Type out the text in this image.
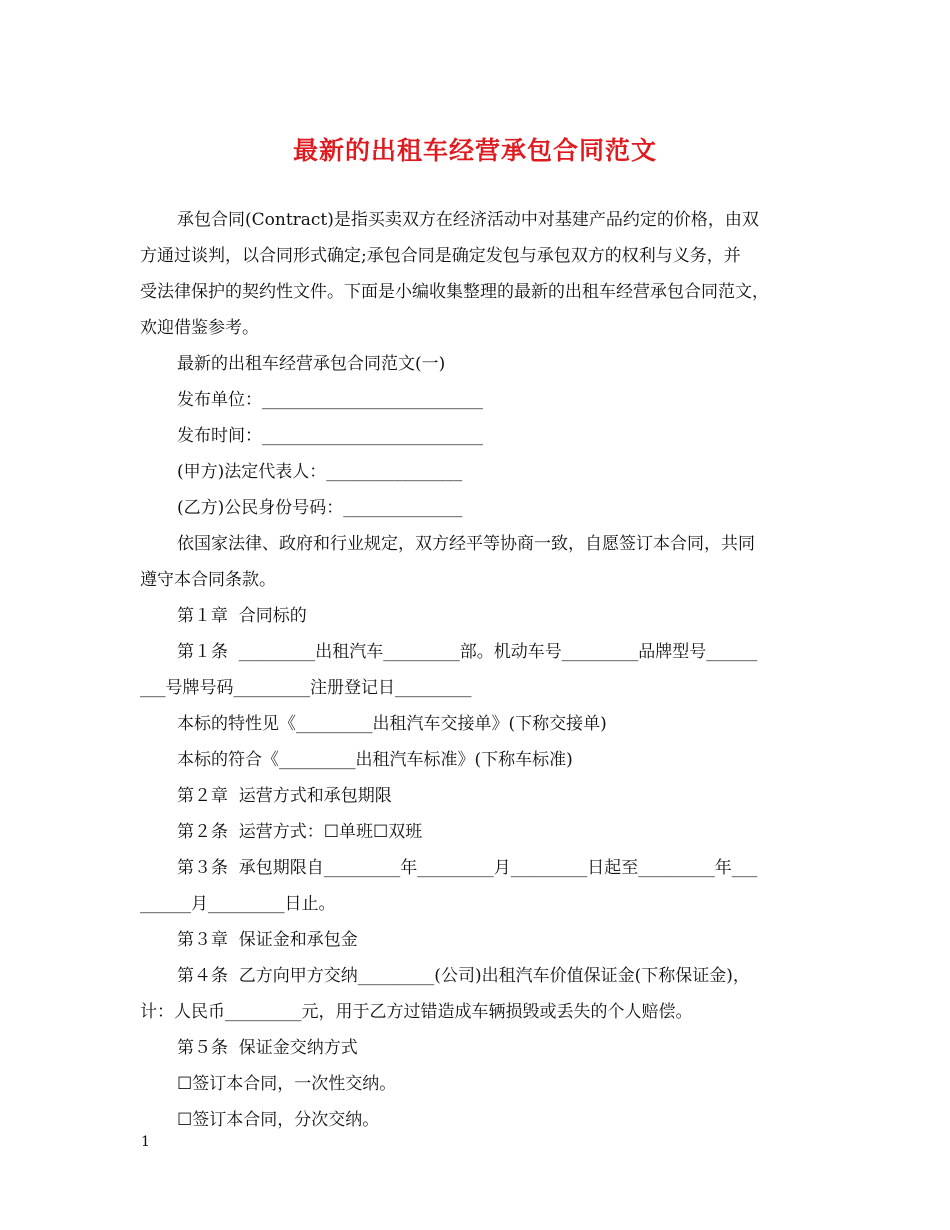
最新的出租车经营承包合同范文
承包合同(Contract)是指买卖双方在经济活动中对基建产品约定的价格，由双
方通过谈判，以合同形式确定;承包合同是确定发包与承包双方的权利与义务，并
受法律保护的契约性文件。下面是小编收集整理的最新的出租车经营承包合同范文，
欢迎借鉴参考。
最新的出租车经营承包合同范文(一)
发布单位：__________________________
发布时间：__________________________
(甲方)法定代表人：________________
(乙方)公民身份号码：______________
依国家法律、政府和行业规定，双方经平等协商一致，自愿签订本合同，共同
遵守本合同条款。
第１章  合同标的
第１条  _________出租汽车_________部。机动车号_________品牌型号______
___号牌号码_________注册登记日_________
本标的特性见《_________出租汽车交接单》(下称交接单)
本标的符合《_________出租汽车标准》(下称车标准)
第２章  运营方式和承包期限
第２条  运营方式：☐单班☐双班
第３条  承包期限自_________年_________月_________日起至_________年___
______月_________日止。
第３章  保证金和承包金
第４条  乙方向甲方交纳_________(公司)出租汽车价值保证金(下称保证金)，
计：人民币_________元，用于乙方过错造成车辆损毁或丢失的个人赔偿。
第５条  保证金交纳方式
☐签订本合同，一次性交纳。
☐签订本合同，分次交纳。
1
